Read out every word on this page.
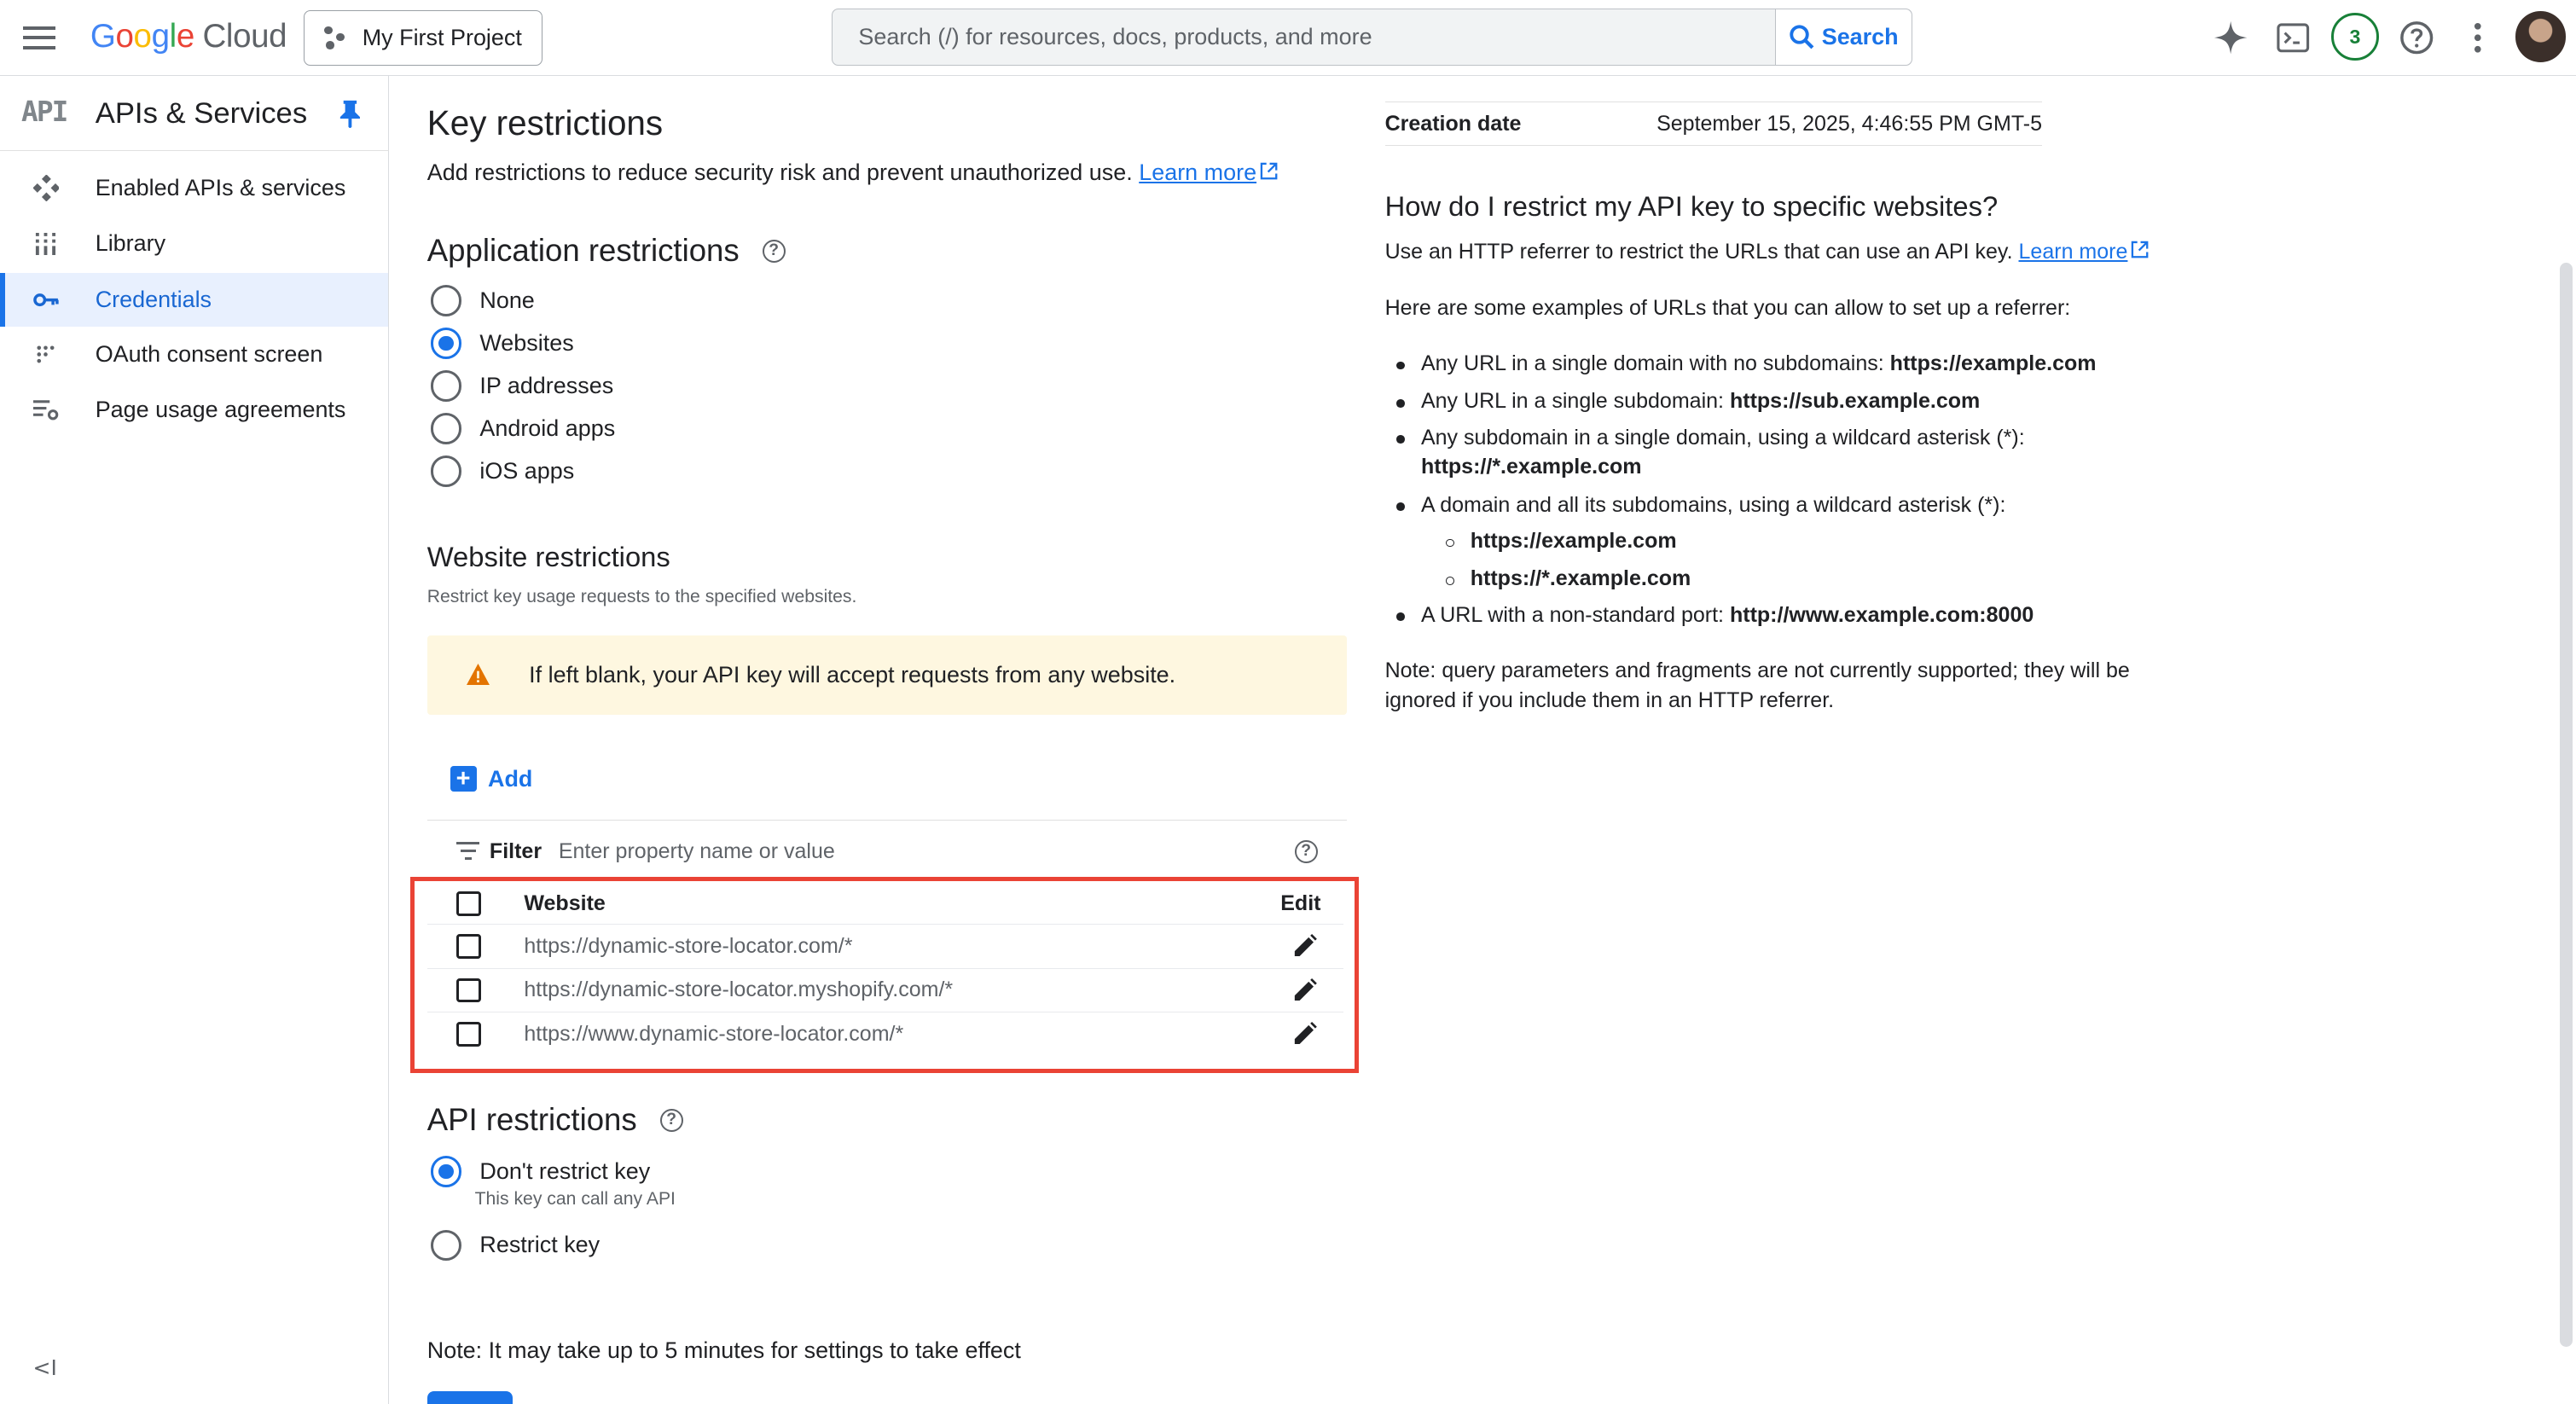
Google Cloud	My First Project
Search (/) for resources, docs, products, and more	Search	3
API APIs & Services
Enabled APIs & services
Library
Credentials
OAuth consent screen
Page usage agreements
<I
Key restrictions
Add restrictions to reduce security risk and prevent unauthorized use. Learn more
Application restrictions	?
None
Websites
IP addresses
Android apps
iOS apps
Website restrictions
Restrict key usage requests to the specified websites.
If left blank, your API key will accept requests from any website.
+	Add
Filter
Enter property name or value	?
Website	Edit
https://dynamic-store-locator.com/*
https://dynamic-store-locator.myshopify.com/*
https://www.dynamic-store-locator.com/*
API restrictions	?
Don't restrict key
This key can call any API
Restrict key
Note: It may take up to 5 minutes for settings to take effect
Creation date	September 15, 2025, 4:46:55 PM GMT-5
How do I restrict my API key to specific websites?
Use an HTTP referrer to restrict the URLs that can use an API key. Learn more
Here are some examples of URLs that you can allow to set up a referrer:
Any URL in a single domain with no subdomains: https://example.com
Any URL in a single subdomain: https://sub.example.com
Any subdomain in a single domain, using a wildcard asterisk (*):
https://*.example.com
A domain and all its subdomains, using a wildcard asterisk (*):
https://example.com
https://*.example.com
A URL with a non-standard port: http://www.example.com:8000
Note: query parameters and fragments are not currently supported; they will be
ignored if you include them in an HTTP referrer.
